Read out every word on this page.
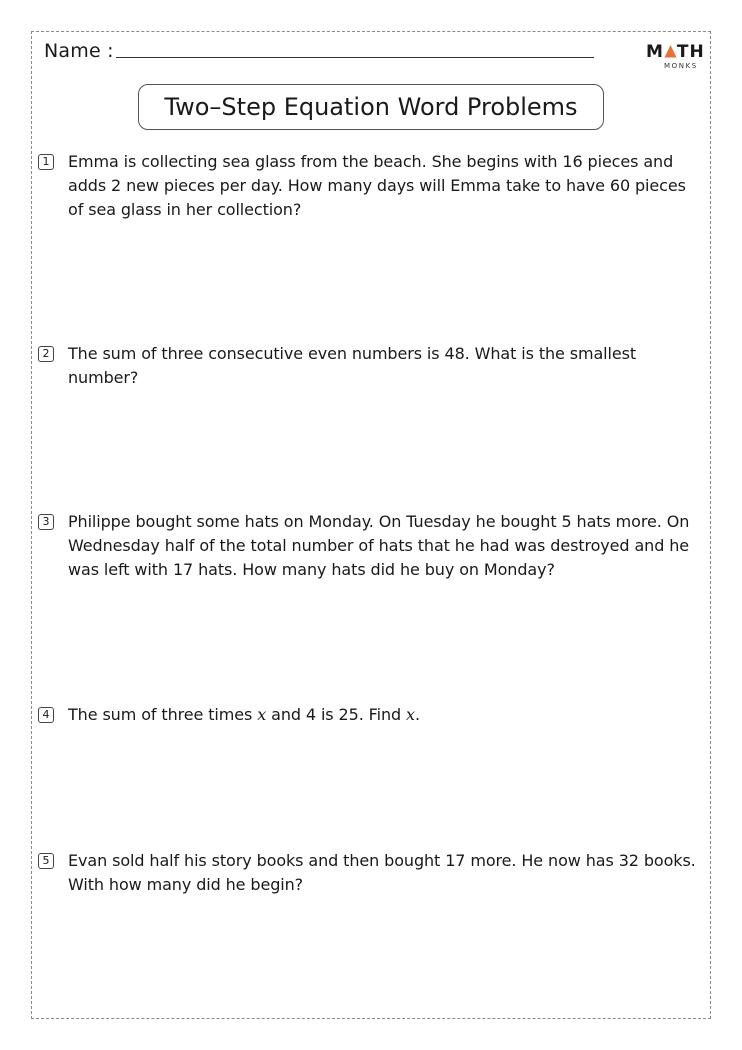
Name :	M TH
MONKS
Two–Step Equation Word Problems
1 Emma is collecting sea glass from the beach. She begins with 16 pieces and adds 2 new pieces per day. How many days will Emma take to have 60 pieces of sea glass in her collection?
2 The sum of three consecutive even numbers is 48. What is the smallest number?
3 Philippe bought some hats on Monday. On Tuesday he bought 5 hats more. On Wednesday half of the total number of hats that he had was destroyed and he was left with 17 hats. How many hats did he buy on Monday?
4 The sum of three times x and 4 is 25. Find x.
5 Evan sold half his story books and then bought 17 more. He now has 32 books. With how many did he begin?
